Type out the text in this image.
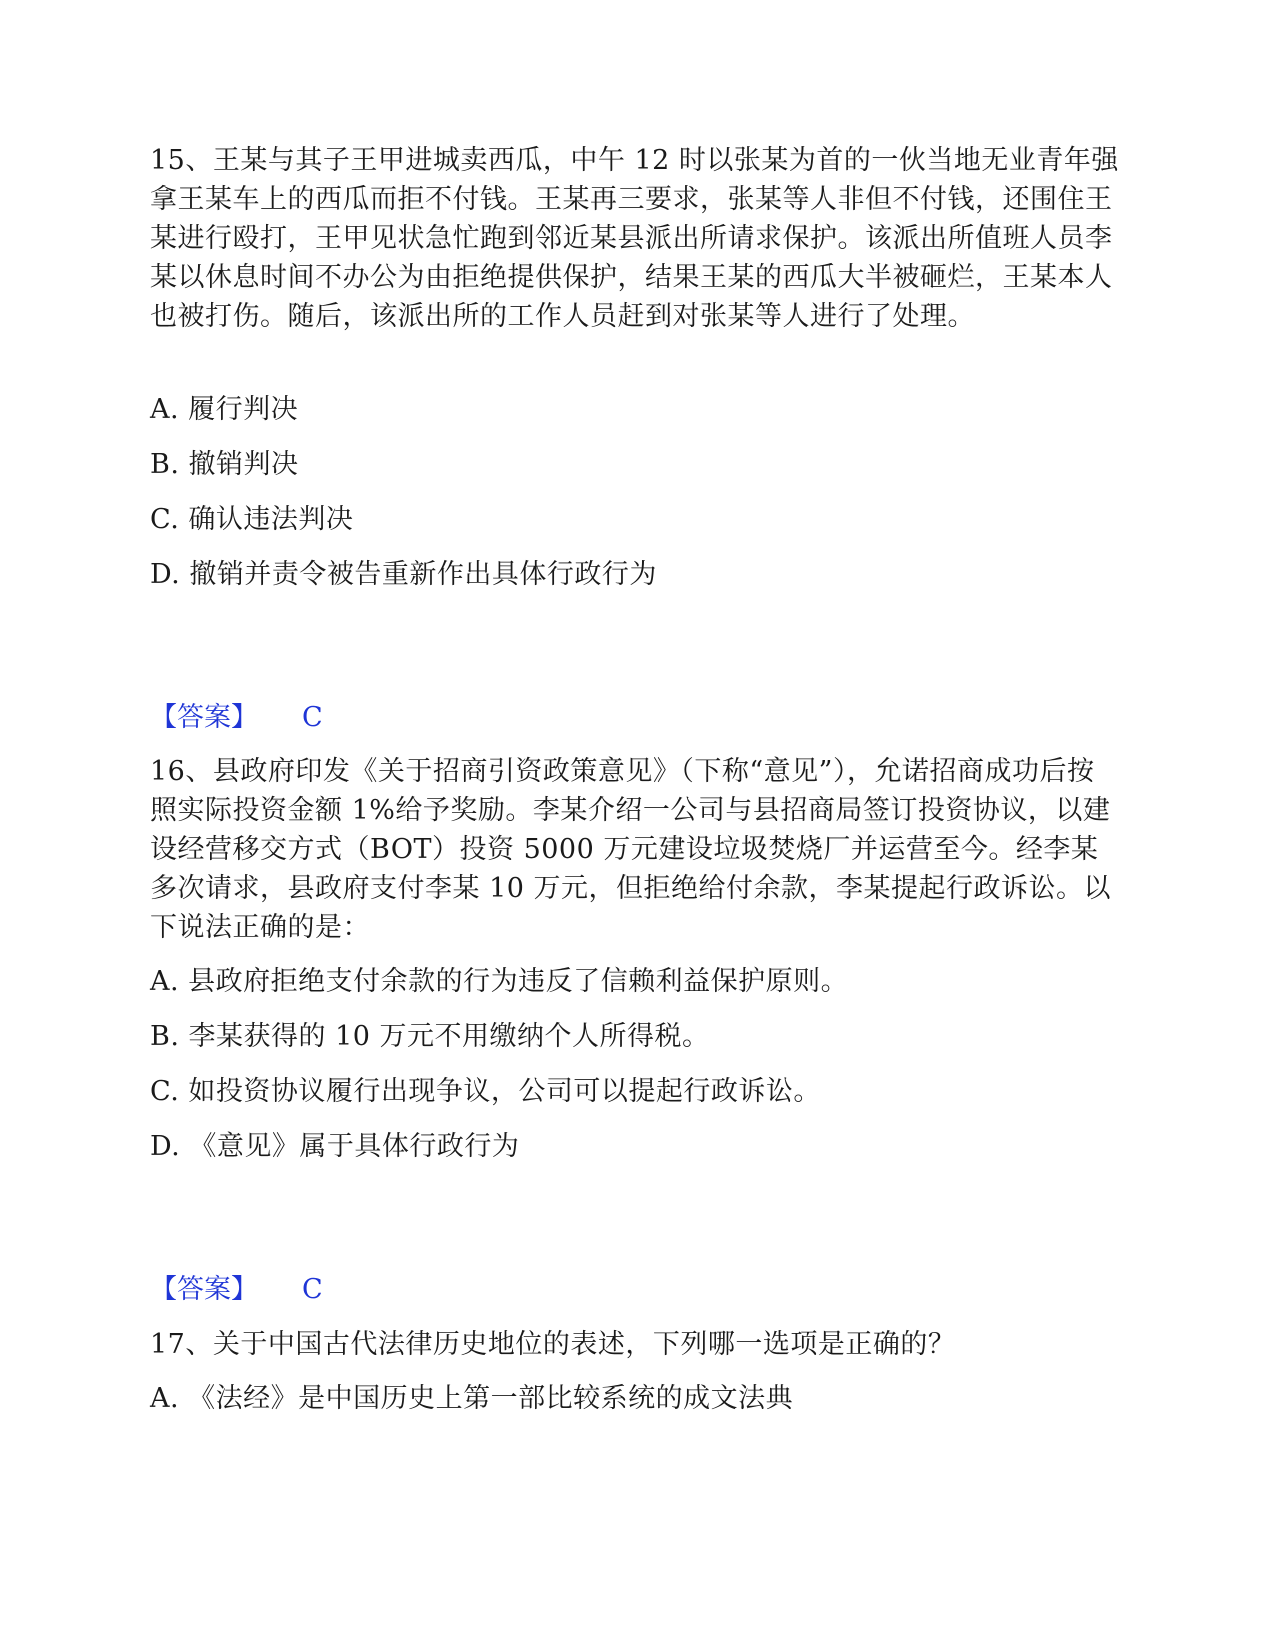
15、王某与其子王甲进城卖西瓜，中午 12 时以张某为首的一伙当地无业青年强拿王某车上的西瓜而拒不付钱。王某再三要求，张某等人非但不付钱，还围住王某进行殴打，王甲见状急忙跑到邻近某县派出所请求保护。该派出所值班人员李某以休息时间不办公为由拒绝提供保护，结果王某的西瓜大半被砸烂，王某本人也被打伤。随后，该派出所的工作人员赶到对张某等人进行了处理。
A. 履行判决
B. 撤销判决
C. 确认违法判决
D. 撤销并责令被告重新作出具体行政行为
【答案】 C
16、县政府印发《关于招商引资政策意见》（下称“意见”），允诺招商成功后按照实际投资金额 1%给予奖励。李某介绍一公司与县招商局签订投资协议，以建设经营移交方式（BOT）投资 5000 万元建设垃圾焚烧厂并运营至今。经李某多次请求，县政府支付李某 10 万元，但拒绝给付余款，李某提起行政诉讼。以下说法正确的是：
A. 县政府拒绝支付余款的行为违反了信赖利益保护原则。
B. 李某获得的 10 万元不用缴纳个人所得税。
C. 如投资协议履行出现争议，公司可以提起行政诉讼。
D. 《意见》属于具体行政行为
【答案】 C
17、关于中国古代法律历史地位的表述，下列哪一选项是正确的？
A. 《法经》是中国历史上第一部比较系统的成文法典
